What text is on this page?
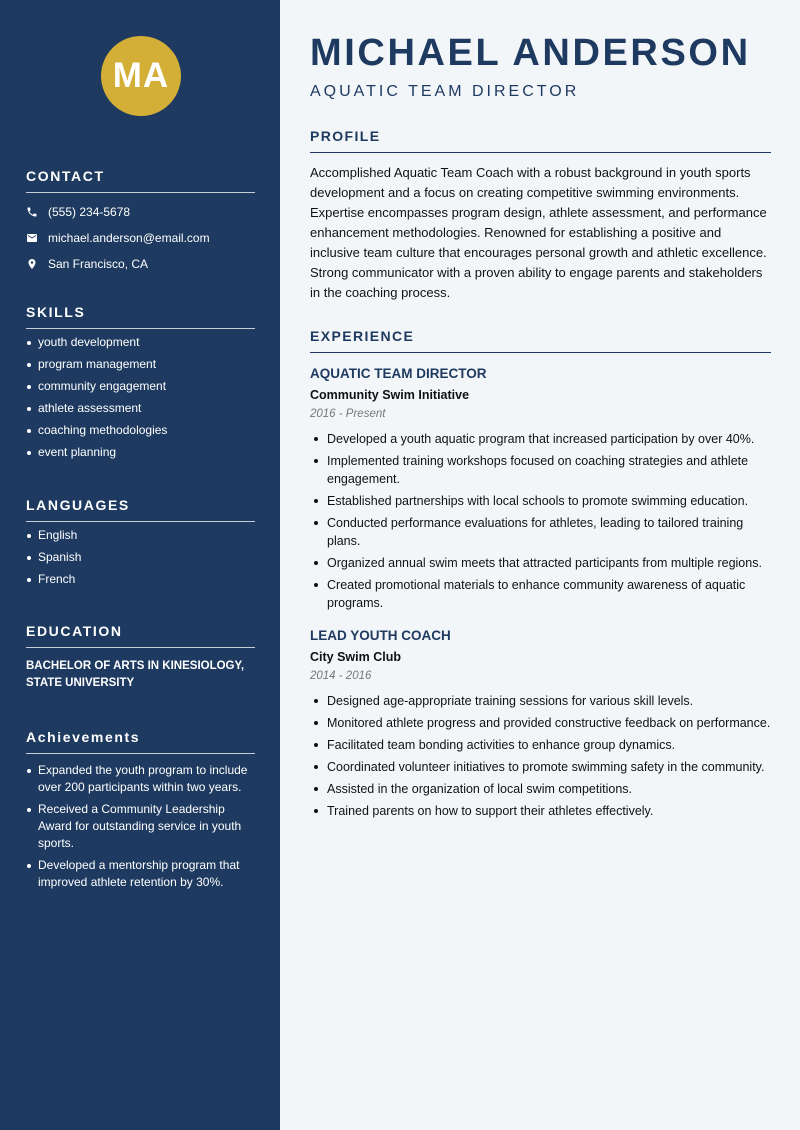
MA
CONTACT
(555) 234-5678
michael.anderson@email.com
San Francisco, CA
SKILLS
youth development
program management
community engagement
athlete assessment
coaching methodologies
event planning
LANGUAGES
English
Spanish
French
EDUCATION
BACHELOR OF ARTS IN KINESIOLOGY, STATE UNIVERSITY
Achievements
Expanded the youth program to include over 200 participants within two years.
Received a Community Leadership Award for outstanding service in youth sports.
Developed a mentorship program that improved athlete retention by 30%.
MICHAEL ANDERSON
AQUATIC TEAM DIRECTOR
PROFILE

Accomplished Aquatic Team Coach with a robust background in youth sports development and a focus on creating competitive swimming environments. Expertise encompasses program design, athlete assessment, and performance enhancement methodologies. Renowned for establishing a positive and inclusive team culture that encourages personal growth and athletic excellence. Strong communicator with a proven ability to engage parents and stakeholders in the coaching process.

EXPERIENCE
AQUATIC TEAM DIRECTOR
Community Swim Initiative
2016 - Present
Developed a youth aquatic program that increased participation by over 40%.
Implemented training workshops focused on coaching strategies and athlete engagement.
Established partnerships with local schools to promote swimming education.
Conducted performance evaluations for athletes, leading to tailored training plans.
Organized annual swim meets that attracted participants from multiple regions.
Created promotional materials to enhance community awareness of aquatic programs.
LEAD YOUTH COACH
City Swim Club
2014 - 2016
Designed age-appropriate training sessions for various skill levels.
Monitored athlete progress and provided constructive feedback on performance.
Facilitated team bonding activities to enhance group dynamics.
Coordinated volunteer initiatives to promote swimming safety in the community.
Assisted in the organization of local swim competitions.
Trained parents on how to support their athletes effectively.
